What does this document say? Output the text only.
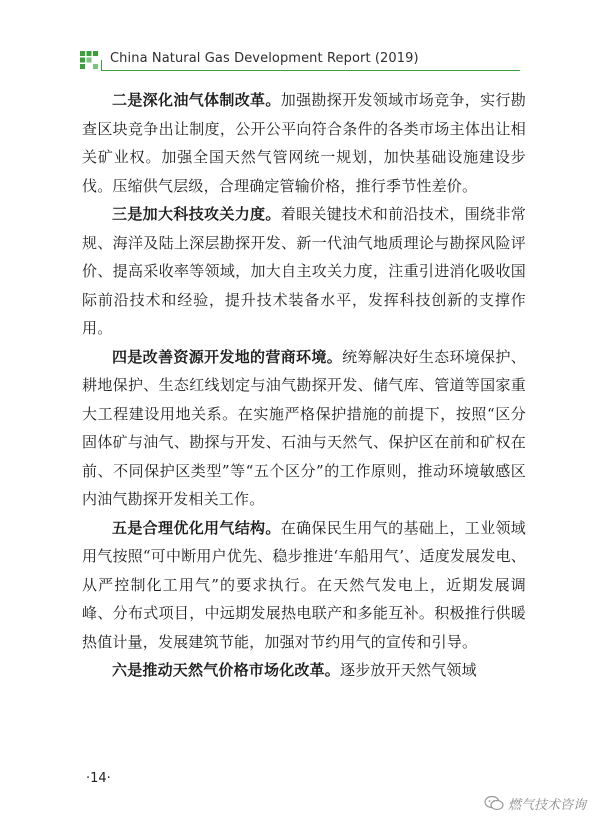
China Natural Gas Development Report (2019)

二是深化油气体制改革。加强勘探开发领域市场竞争，实行勘查区块竞争出让制度，公开公平向符合条件的各类市场主体出让相关矿业权。加强全国天然气管网统一规划，加快基础设施建设步伐。压缩供气层级，合理确定管输价格，推行季节性差价。

三是加大科技攻关力度。着眼关键技术和前沿技术，围绕非常规、海洋及陆上深层勘探开发、新一代油气地质理论与勘探风险评价、提高采收率等领域，加大自主攻关力度，注重引进消化吸收国际前沿技术和经验，提升技术装备水平，发挥科技创新的支撑作用。

四是改善资源开发地的营商环境。统筹解决好生态环境保护、耕地保护、生态红线划定与油气勘探开发、储气库、管道等国家重大工程建设用地关系。在实施严格保护措施的前提下，按照“区分固体矿与油气、勘探与开发、石油与天然气、保护区在前和矿权在前、不同保护区类型”等“五个区分”的工作原则，推动环境敏感区内油气勘探开发相关工作。

五是合理优化用气结构。在确保民生用气的基础上，工业领域用气按照“可中断用户优先、稳步推进‘车船用气’、适度发展发电、从严控制化工用气”的要求执行。在天然气发电上，近期发展调峰、分布式项目，中远期发展热电联产和多能互补。积极推行供暖热值计量，发展建筑节能，加强对节约用气的宣传和引导。

六是推动天然气价格市场化改革。逐步放开天然气领域

·14·
燃气技术咨询
